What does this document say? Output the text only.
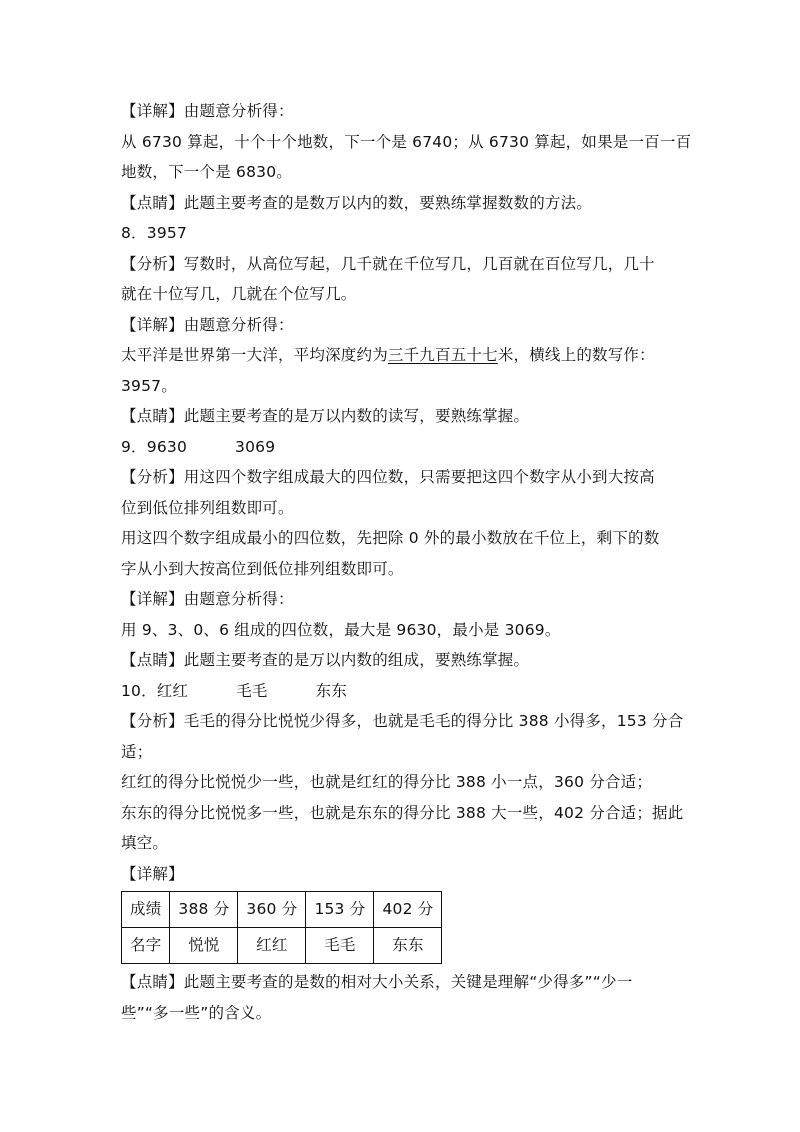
【详解】由题意分析得：

从 6730 算起，十个十个地数，下一个是 6740；从 6730 算起，如果是一百一百

地数，下一个是 6830。

【点睛】此题主要考查的是数万以内的数，要熟练掌握数数的方法。

8．3957

【分析】写数时，从高位写起，几千就在千位写几，几百就在百位写几，几十

就在十位写几，几就在个位写几。

【详解】由题意分析得：

太平洋是世界第一大洋，平均深度约为三千九百五十七米，横线上的数写作：

3957。

【点睛】此题主要考查的是万以内数的读写，要熟练掌握。

9．9630	3069

【分析】用这四个数字组成最大的四位数，只需要把这四个数字从小到大按高

位到低位排列组数即可。

用这四个数字组成最小的四位数，先把除 0 外的最小数放在千位上，剩下的数

字从小到大按高位到低位排列组数即可。

【详解】由题意分析得：

用 9、3、0、6 组成的四位数，最大是 9630，最小是 3069。

【点睛】此题主要考查的是万以内数的组成，要熟练掌握。

10．红红	毛毛	东东

【分析】毛毛的得分比悦悦少得多，也就是毛毛的得分比 388 小得多，153 分合

适；

红红的得分比悦悦少一些，也就是红红的得分比 388 小一点，360 分合适；

东东的得分比悦悦多一些，也就是东东的得分比 388 大一些，402 分合适；据此

填空。

【详解】

成绩	388 分	360 分	153 分	402 分
名字	悦悦	红红	毛毛	东东

【点睛】此题主要考查的是数的相对大小关系，关键是理解“少得多”“少一

些”“多一些”的含义。
